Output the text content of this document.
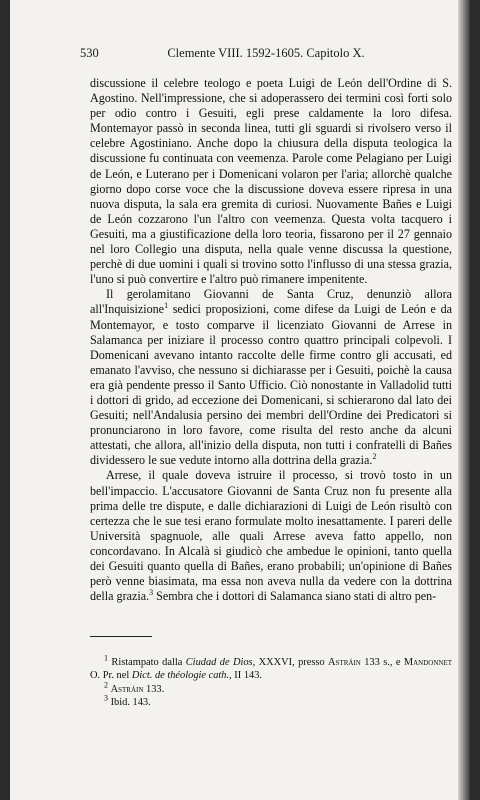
530	Clemente VIII. 1592-1605. Capitolo X.

discussione il celebre teologo e poeta Luigi de León dell'Ordine di S. Agostino. Nell'impressione, che si adoperassero dei termini così forti solo per odio contro i Gesuiti, egli prese caldamente la loro difesa. Montemayor passò in seconda linea, tutti gli sguardi si rivolsero verso il celebre Agostiniano. Anche dopo la chiusura della disputa teologica la discussione fu continuata con veemenza. Parole come Pelagiano per Luigi de León, e Luterano per i Domenicani volaron per l'aria; allorchè qualche giorno dopo corse voce che la discussione doveva essere ripresa in una nuova disputa, la sala era gremita di curiosi. Nuovamente Bañes e Luigi de León cozzarono l'un l'altro con veemenza. Questa volta tacquero i Gesuiti, ma a giustificazione della loro teoria, fissarono per il 27 gennaio nel loro Collegio una disputa, nella quale venne discussa la questione, perchè di due uomini i quali si trovino sotto l'influsso di una stessa grazia, l'uno si può convertire e l'altro può rimanere impenitente.

Il gerolamitano Giovanni de Santa Cruz, denunziò allora all'Inquisizione$^1$ sedici proposizioni, come difese da Luigi de León e da Montemayor, e tosto comparve il licenziato Giovanni de Arrese in Salamanca per iniziare il processo contro quattro principali colpevoli. I Domenicani avevano intanto raccolte delle firme contro gli accusati, ed emanato l'avviso, che nessuno si dichiarasse per i Gesuiti, poichè la causa era già pendente presso il Santo Ufficio. Ciò nonostante in Valladolid tutti i dottori di grido, ad eccezione dei Domenicani, si schierarono dal lato dei Gesuiti; nell'Andalusia persino dei membri dell'Ordine dei Predicatori si pronunciarono in loro favore, come risulta del resto anche da alcuni attestati, che allora, all'inizio della disputa, non tutti i confratelli di Bañes dividessero le sue vedute intorno alla dottrina della grazia.$^2$

Arrese, il quale doveva istruire il processo, si trovò tosto in un bell'impaccio. L'accusatore Giovanni de Santa Cruz non fu presente alla prima delle tre dispute, e dalle dichiarazioni di Luigi de León risultò con certezza che le sue tesi erano formulate molto inesattamente. I pareri delle Università spagnuole, alle quali Arrese aveva fatto appello, non concordavano. In Alcalà si giudicò che ambedue le opinioni, tanto quella dei Gesuiti quanto quella di Bañes, erano probabili; un'opinione di Bañes però venne biasimata, ma essa non aveva nulla da vedere con la dottrina della grazia.$^3$ Sembra che i dottori di Salamanca siano stati di altro pen-

$^1$ Ristampato dalla Ciudad de Dios, XXXVI, presso Astráin 133 s., e Mandonnet O. Pr. nel Dict. de théologie cath., II 143.

$^2$ Astráin 133.

$^3$ Ibid. 143.
